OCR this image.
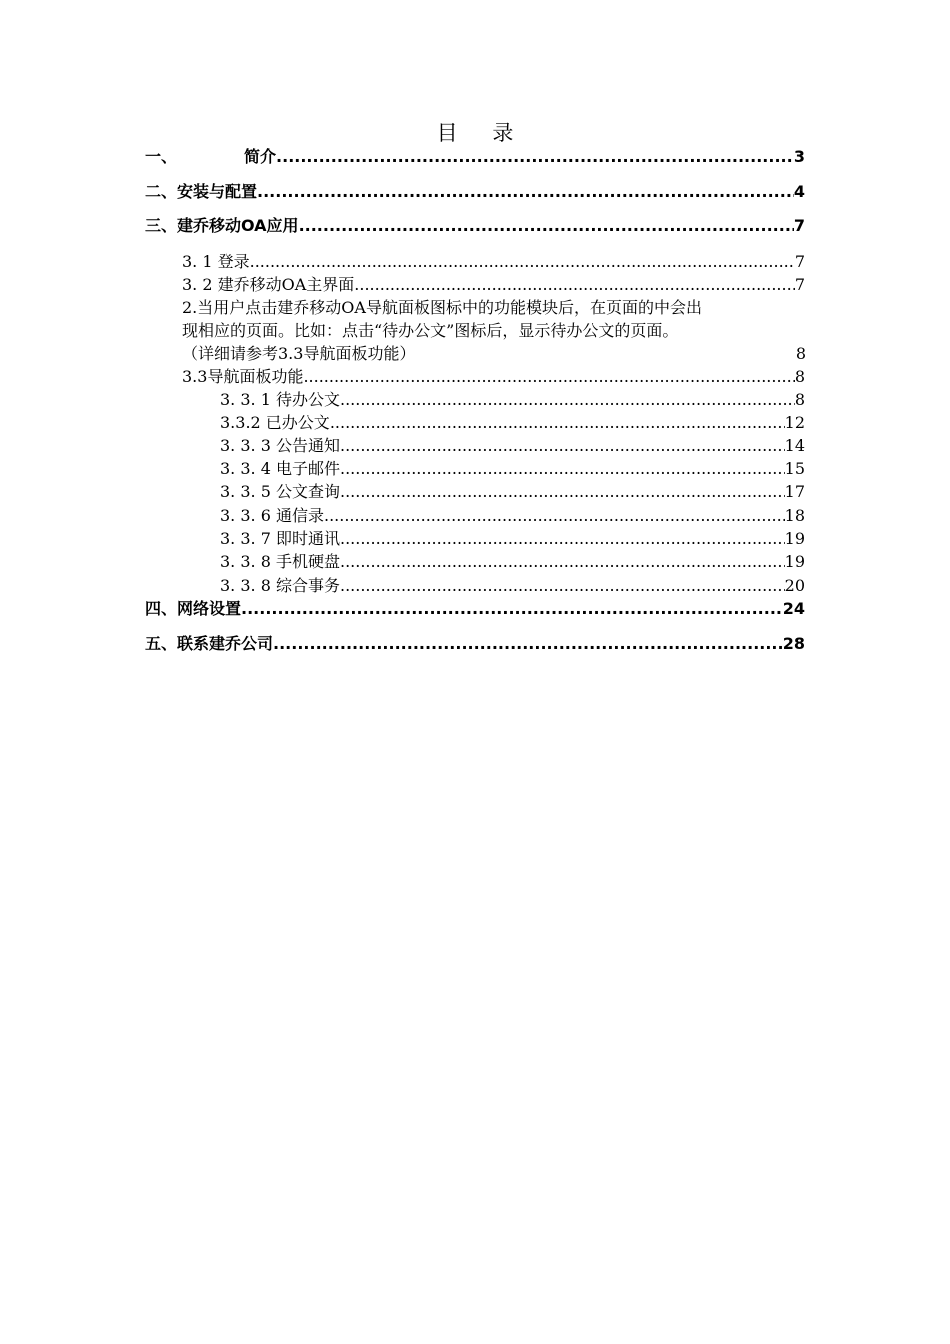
目 录
一、	简介 .....	3
二、安装与配置 .....	4
三、建乔移动OA应用 .....	7
3. 1 登录 .....	7
3. 2 建乔移动OA主界面 .....	7
2.当用户点击建乔移动OA导航面板图标中的功能模块后，在页面的中会出
现相应的页面。比如：点击“待办公文”图标后，显示待办公文的页面。
（详细请参考3.3导航面板功能）	8
3.3导航面板功能 .....	8
3. 3. 1 待办公文 .....	8
3.3.2 已办公文 .....	12
3. 3. 3 公告通知 .....	14
3. 3. 4 电子邮件 .....	15
3. 3. 5 公文查询 .....	17
3. 3. 6 通信录 .....	18
3. 3. 7 即时通讯 .....	19
3. 3. 8 手机硬盘 .....	19
3. 3. 8 综合事务 .....	20
四、网络设置 .....	24
五、联系建乔公司 .....	28
